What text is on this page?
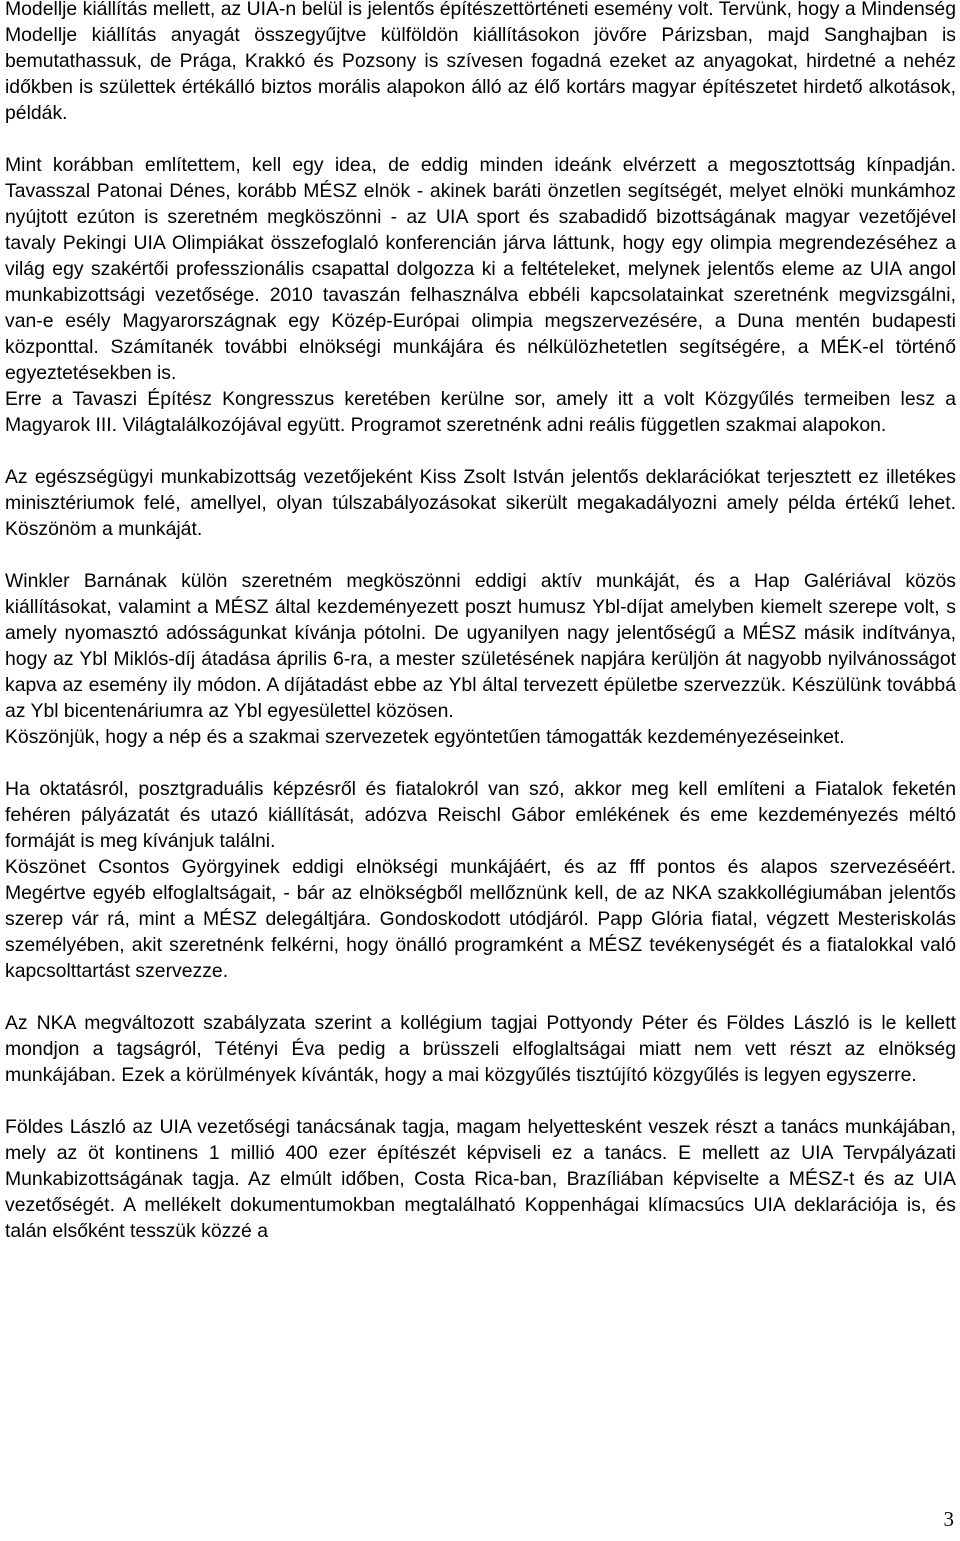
Modellje kiállítás mellett, az UIA-n belül is jelentős építészettörténeti esemény volt. Tervünk, hogy a Mindenség Modellje kiállítás anyagát összegyűjtve külföldön kiállításokon jövőre Párizsban, majd Sanghajban is bemutathassuk, de Prága, Krakkó és Pozsony is szívesen fogadná ezeket az anyagokat, hirdetné a nehéz időkben is születtek értékálló biztos morális alapokon álló az élő kortárs magyar építészetet hirdető alkotások, példák.

Mint korábban említettem, kell egy idea, de eddig minden ideánk elvérzett a megosztottság kínpadján. Tavasszal Patonai Dénes, korább MÉSZ elnök - akinek baráti önzetlen segítségét, melyet elnöki munkámhoz nyújtott ezúton is szeretném megköszönni - az UIA sport és szabadidő bizottságának magyar vezetőjével tavaly Pekingi UIA Olimpiákat összefoglaló konferencián járva láttunk, hogy egy olimpia megrendezéséhez a világ egy szakértői professzionális csapattal dolgozza ki a feltételeket, melynek jelentős eleme az UIA angol munkabizottsági vezetősége. 2010 tavaszán felhasználva ebbéli kapcsolatainkat szeretnénk megvizsgálni, van-e esély Magyarországnak egy Közép-Európai olimpia megszervezésére, a Duna mentén budapesti központtal. Számítanék további elnökségi munkájára és nélkülözhetetlen segítségére, a MÉK-el történő egyeztetésekben is.

Erre a Tavaszi Építész Kongresszus keretében kerülne sor, amely itt a volt Közgyűlés termeiben lesz a Magyarok III. Világtalálkozójával együtt. Programot szeretnénk adni reális független szakmai alapokon.

Az egészségügyi munkabizottság vezetőjeként Kiss Zsolt István jelentős deklarációkat terjesztett ez illetékes minisztériumok felé, amellyel, olyan túlszabályozásokat sikerült megakadályozni amely példa értékű lehet. Köszönöm a munkáját.

Winkler Barnának külön szeretném megköszönni eddigi aktív munkáját, és a Hap Galériával közös kiállításokat, valamint a MÉSZ által kezdeményezett poszt humusz Ybl-díjat amelyben kiemelt szerepe volt, s amely nyomasztó adósságunkat kívánja pótolni. De ugyanilyen nagy jelentőségű a MÉSZ másik indítványa, hogy az Ybl Miklós-díj átadása április 6-ra, a mester születésének napjára kerüljön át nagyobb nyilvánosságot kapva az esemény ily módon. A díjátadást ebbe az Ybl által tervezett épületbe szervezzük. Készülünk továbbá az Ybl bicentenáriumra az Ybl egyesülettel közösen.

Köszönjük, hogy a nép és a szakmai szervezetek egyöntetűen támogatták kezdeményezéseinket.

Ha oktatásról, posztgraduális képzésről és fiatalokról van szó, akkor meg kell említeni a Fiatalok feketén fehéren pályázatát és utazó kiállítását, adózva Reischl Gábor emlékének és eme kezdeményezés méltó formáját is meg kívánjuk találni.

Köszönet Csontos Györgyinek eddigi elnökségi munkájáért, és az fff pontos és alapos szervezéséért. Megértve egyéb elfoglaltságait, - bár az elnökségből mellőznünk kell, de az NKA szakkollégiumában jelentős szerep vár rá, mint a MÉSZ delegáltjára. Gondoskodott utódjáról. Papp Glória fiatal, végzett Mesteriskolás személyében, akit szeretnénk felkérni, hogy önálló programként a MÉSZ tevékenységét és a fiatalokkal való kapcsolttartást szervezze.

Az NKA megváltozott szabályzata szerint a kollégium tagjai Pottyondy Péter és Földes László is le kellett mondjon a tagságról, Tétényi Éva pedig a brüsszeli elfoglaltságai miatt nem vett részt az elnökség munkájában. Ezek a körülmények kívánták, hogy a mai közgyűlés tisztújító közgyűlés is legyen egyszerre.

Földes László az UIA vezetőségi tanácsának tagja, magam helyettesként veszek részt a tanács munkájában, mely az öt kontinens 1 millió 400 ezer építészét képviseli ez a tanács. E mellett az UIA Tervpályázati Munkabizottságának tagja. Az elmúlt időben, Costa Rica-ban, Brazíliában képviselte a MÉSZ-t és az UIA vezetőségét. A mellékelt dokumentumokban megtalálható Koppenhágai klímacsúcs UIA deklarációja is, és talán elsőként tesszük közzé a

3
